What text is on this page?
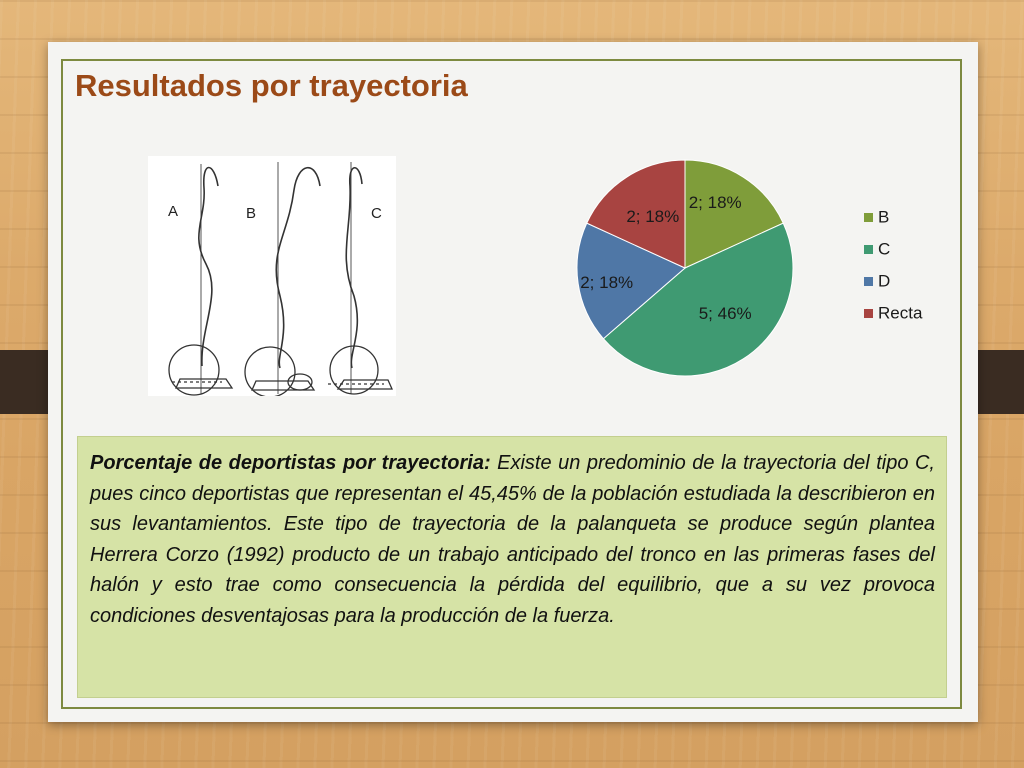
Resultados por trayectoria
A	B	C
2; 18%
5; 46%
2; 18%
2; 18%	B
C
D
Recta
Porcentaje de deportistas por trayectoria: Existe un predominio de la trayectoria del tipo C, pues cinco deportistas que representan el 45,45% de la población estudiada la describieron en sus levantamientos. Este tipo de trayectoria de la palanqueta se produce según plantea Herrera Corzo (1992) producto de un trabajo anticipado del tronco en las primeras fases del halón y esto trae como consecuencia la pérdida del equilibrio, que a su vez provoca condiciones desventajosas para la producción de la fuerza.
